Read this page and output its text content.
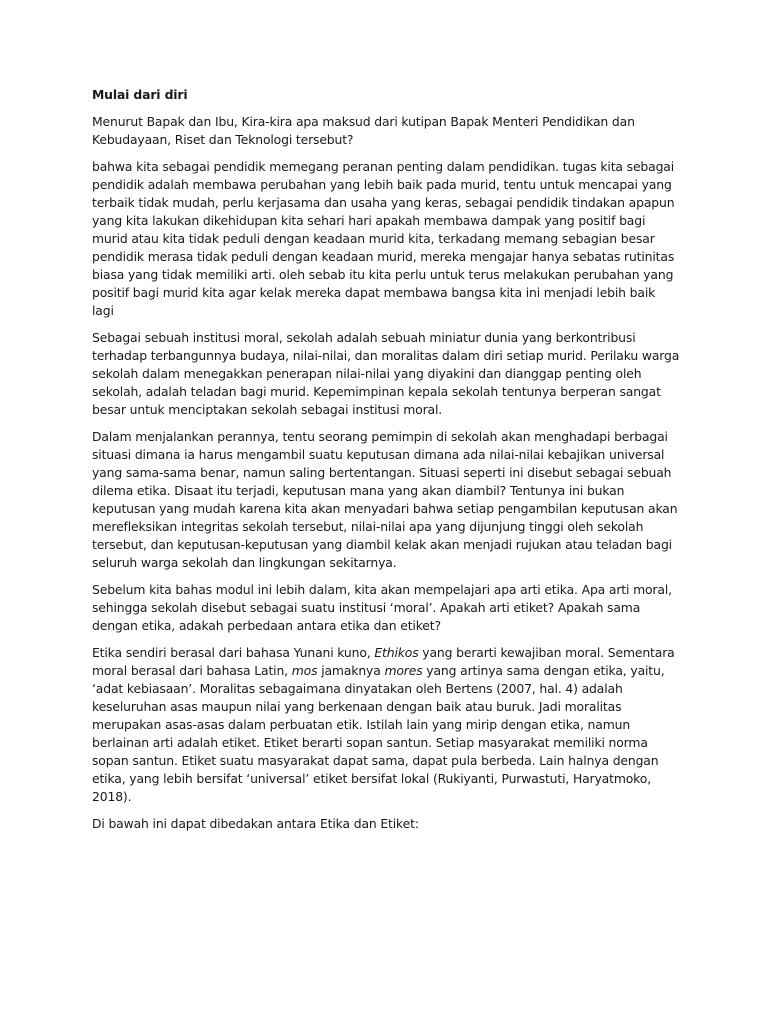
Mulai dari diri

Menurut Bapak dan Ibu, Kira-kira apa maksud dari kutipan Bapak Menteri Pendidikan dan Kebudayaan, Riset dan Teknologi tersebut?

bahwa kita sebagai pendidik memegang peranan penting dalam pendidikan. tugas kita sebagai pendidik adalah membawa perubahan yang lebih baik pada murid, tentu untuk mencapai yang terbaik tidak mudah, perlu kerjasama dan usaha yang keras, sebagai pendidik tindakan apapun yang kita lakukan dikehidupan kita sehari hari apakah membawa dampak yang positif bagi murid atau kita tidak peduli dengan keadaan murid kita, terkadang memang sebagian besar pendidik merasa tidak peduli dengan keadaan murid, mereka mengajar hanya sebatas rutinitas biasa yang tidak memiliki arti. oleh sebab itu kita perlu untuk terus melakukan perubahan yang positif bagi murid kita agar kelak mereka dapat membawa bangsa kita ini menjadi lebih baik lagi

Sebagai sebuah institusi moral, sekolah adalah sebuah miniatur dunia yang berkontribusi terhadap terbangunnya budaya, nilai-nilai, dan moralitas dalam diri setiap murid. Perilaku warga sekolah dalam menegakkan penerapan nilai-nilai yang diyakini dan dianggap penting oleh sekolah, adalah teladan bagi murid. Kepemimpinan kepala sekolah tentunya berperan sangat besar untuk menciptakan sekolah sebagai institusi moral.

Dalam menjalankan perannya, tentu seorang pemimpin di sekolah akan menghadapi berbagai situasi dimana ia harus mengambil suatu keputusan dimana ada nilai-nilai kebajikan universal yang sama-sama benar, namun saling bertentangan. Situasi seperti ini disebut sebagai sebuah dilema etika. Disaat itu terjadi, keputusan mana yang akan diambil? Tentunya ini bukan keputusan yang mudah karena kita akan menyadari bahwa setiap pengambilan keputusan akan merefleksikan integritas sekolah tersebut, nilai-nilai apa yang dijunjung tinggi oleh sekolah tersebut, dan keputusan-keputusan yang diambil kelak akan menjadi rujukan atau teladan bagi seluruh warga sekolah dan lingkungan sekitarnya.

Sebelum kita bahas modul ini lebih dalam, kita akan mempelajari apa arti etika. Apa arti moral, sehingga sekolah disebut sebagai suatu institusi ‘moral’. Apakah arti etiket? Apakah sama dengan etika, adakah perbedaan antara etika dan etiket?

Etika sendiri berasal dari bahasa Yunani kuno, Ethikos yang berarti kewajiban moral. Sementara moral berasal dari bahasa Latin, mos jamaknya mores yang artinya sama dengan etika, yaitu, ‘adat kebiasaan’. Moralitas sebagaimana dinyatakan oleh Bertens (2007, hal. 4) adalah keseluruhan asas maupun nilai yang berkenaan dengan baik atau buruk. Jadi moralitas merupakan asas-asas dalam perbuatan etik. Istilah lain yang mirip dengan etika, namun berlainan arti adalah etiket. Etiket berarti sopan santun. Setiap masyarakat memiliki norma sopan santun. Etiket suatu masyarakat dapat sama, dapat pula berbeda. Lain halnya dengan etika, yang lebih bersifat ‘universal’ etiket bersifat lokal (Rukiyanti, Purwastuti, Haryatmoko, 2018).

Di bawah ini dapat dibedakan antara Etika dan Etiket:
